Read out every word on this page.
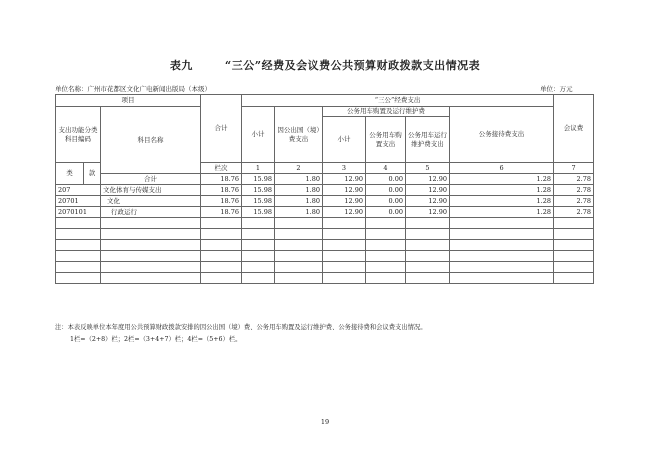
表九	“三公”经费及会议费公共预算财政拨款支出情况表
单位名称：广州市花都区文化广电新闻出版局（本级）	单位：万元
项目			合计	“三公”经费支出						会议费	
支出功能分类科目编码		科目名称		小计	因公出国（境）费支出	公务用车购置及运行维护费			公务接待费支出		
						小计	公务用车购置支出	公务用车运行维护费支出			

类	款		栏次	1	2	3	4	5	6	7	
		合计	18.76	15.98	1.80	12.90	0.00	12.90	1.28	2.78	
207		文化体育与传媒支出	18.76	15.98	1.80	12.90	0.00	12.90	1.28	2.78	
20701		文化	18.76	15.98	1.80	12.90	0.00	12.90	1.28	2.78	
2070101		行政运行	18.76	15.98	1.80	12.90	0.00	12.90	1.28	2.78	

注：本表反映单位本年度用公共预算财政拨款安排的因公出国（境）费、公务用车购置及运行维护费、公务接待费和会议费支出情况。
1栏=（2+8）栏；2栏=（3+4+7）栏；4栏=（5+6）栏。
19
